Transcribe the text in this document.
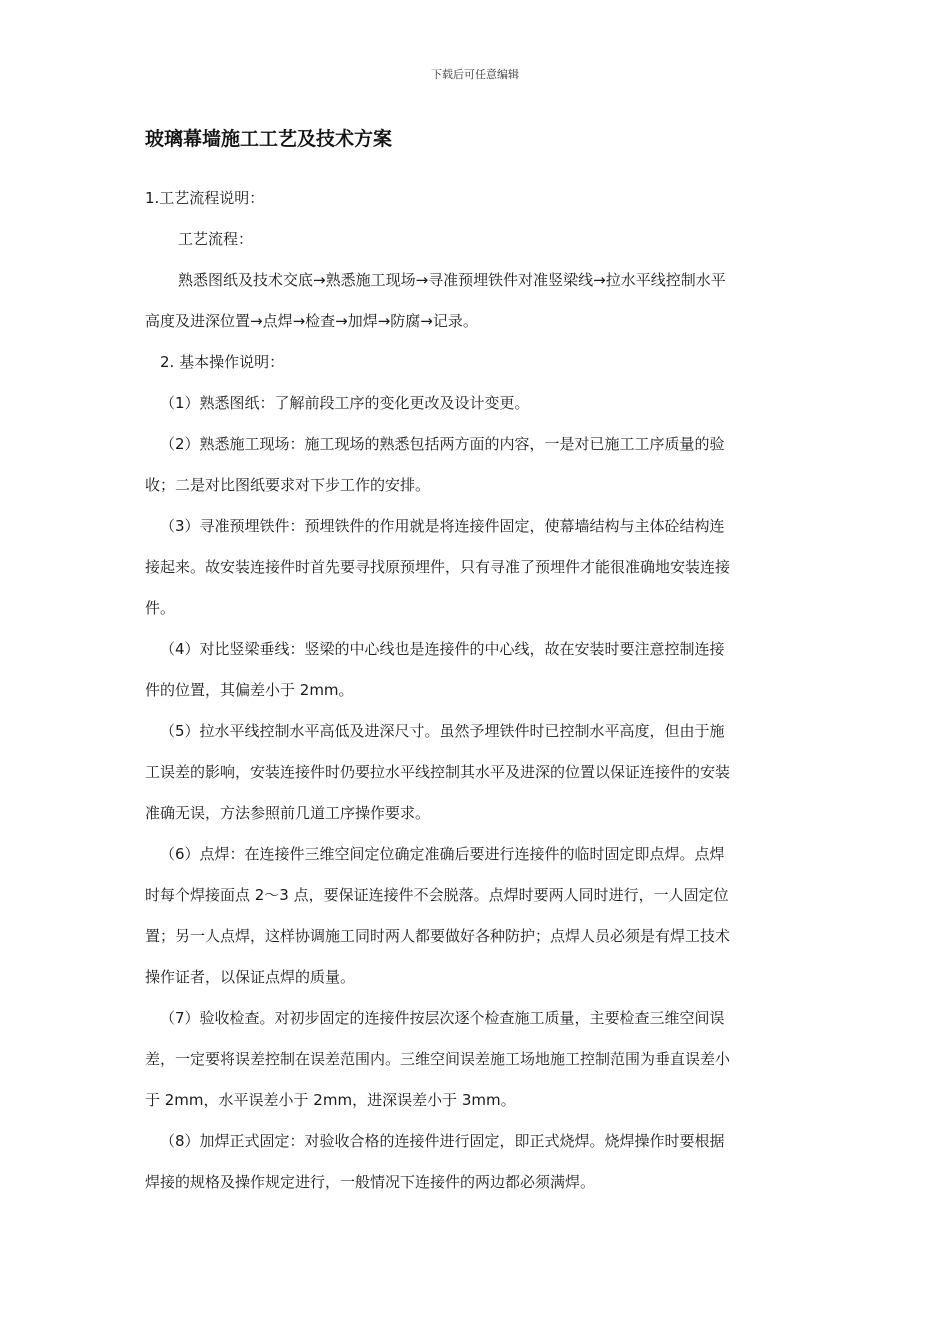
下载后可任意编辑
玻璃幕墙施工工艺及技术方案
1.工艺流程说明：
工艺流程：
熟悉图纸及技术交底→熟悉施工现场→寻准预埋铁件对准竖梁线→拉水平线控制水平
高度及进深位置→点焊→检查→加焊→防腐→记录。
2. 基本操作说明：
（1）熟悉图纸：了解前段工序的变化更改及设计变更。
（2）熟悉施工现场：施工现场的熟悉包括两方面的内容，一是对已施工工序质量的验
收；二是对比图纸要求对下步工作的安排。
（3）寻准预埋铁件：预埋铁件的作用就是将连接件固定，使幕墙结构与主体砼结构连
接起来。故安装连接件时首先要寻找原预埋件，只有寻准了预埋件才能很准确地安装连接
件。
（4）对比竖梁垂线：竖梁的中心线也是连接件的中心线，故在安装时要注意控制连接
件的位置，其偏差小于 2mm。
（5）拉水平线控制水平高低及进深尺寸。虽然予埋铁件时已控制水平高度，但由于施
工误差的影响，安装连接件时仍要拉水平线控制其水平及进深的位置以保证连接件的安装
准确无误，方法参照前几道工序操作要求。
（6）点焊：在连接件三维空间定位确定准确后要进行连接件的临时固定即点焊。点焊
时每个焊接面点 2～3 点，要保证连接件不会脱落。点焊时要两人同时进行，一人固定位
置；另一人点焊，这样协调施工同时两人都要做好各种防护；点焊人员必须是有焊工技术
操作证者，以保证点焊的质量。
（7）验收检查。对初步固定的连接件按层次逐个检查施工质量，主要检查三维空间误
差，一定要将误差控制在误差范围内。三维空间误差施工场地施工控制范围为垂直误差小
于 2mm，水平误差小于 2mm，进深误差小于 3mm。
（8）加焊正式固定：对验收合格的连接件进行固定，即正式烧焊。烧焊操作时要根据
焊接的规格及操作规定进行，一般情况下连接件的两边都必须满焊。
